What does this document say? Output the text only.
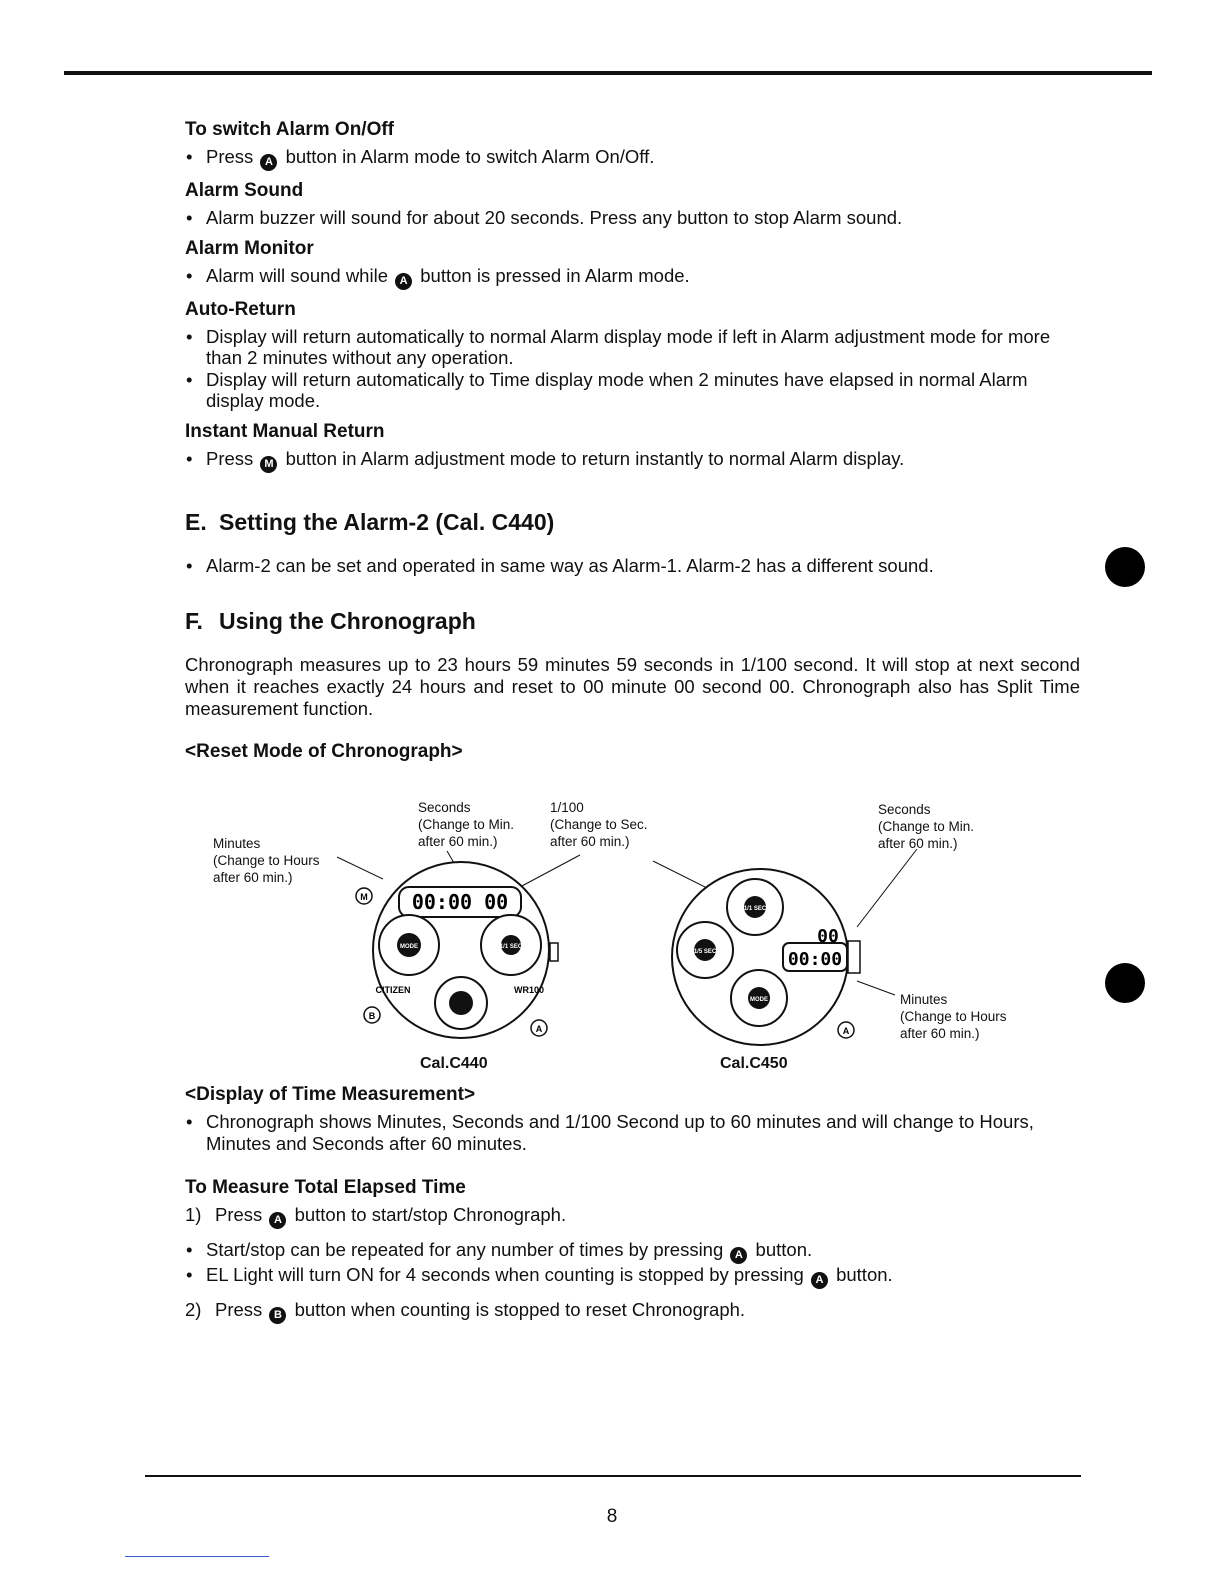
To switch Alarm On/Off
• Press A button in Alarm mode to switch Alarm On/Off.
Alarm Sound
• Alarm buzzer will sound for about 20 seconds. Press any button to stop Alarm sound.
Alarm Monitor
• Alarm will sound while A button is pressed in Alarm mode.
Auto-Return
• Display will return automatically to normal Alarm display mode if left in Alarm adjustment mode for more than 2 minutes without any operation.
• Display will return automatically to Time display mode when 2 minutes have elapsed in normal Alarm display mode.
Instant Manual Return
• Press M button in Alarm adjustment mode to return instantly to normal Alarm display.
E. Setting the Alarm-2 (Cal. C440)
• Alarm-2 can be set and operated in same way as Alarm-1. Alarm-2 has a different sound.
F. Using the Chronograph

Chronograph measures up to 23 hours 59 minutes 59 seconds in 1/100 second. It will stop at next second when it reaches exactly 24 hours and reset to 00 minute 00 second 00. Chronograph also has Split Time measurement function.

<Reset Mode of Chronograph>
Minutes
(Change to Hours
after 60 min.)
Seconds
(Change to Min.
after 60 min.)
1/100
(Change to Sec.
after 60 min.)
Seconds
(Change to Min.
after 60 min.)
Minutes
(Change to Hours
after 60 min.)
00:00 00
MODE	1/1 SEC
CITIZEN	WR100
M
B
A
1/1 SEC
1/5 SEC
MODE
00
00:00
A
Cal.C440	Cal.C450
<Display of Time Measurement>
• Chronograph shows Minutes, Seconds and 1/100 Second up to 60 minutes and will change to Hours, Minutes and Seconds after 60 minutes.
To Measure Total Elapsed Time
1) Press A button to start/stop Chronograph.
• Start/stop can be repeated for any number of times by pressing A button.
• EL Light will turn ON for 4 seconds when counting is stopped by pressing A button.
2) Press B button when counting is stopped to reset Chronograph.
8
